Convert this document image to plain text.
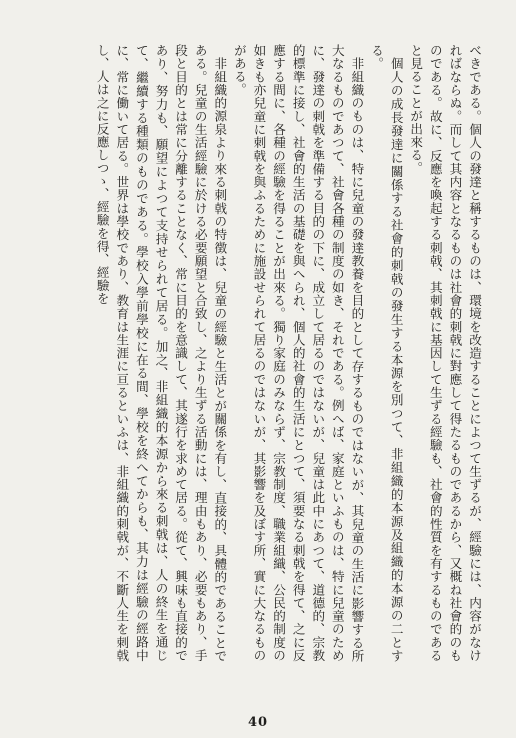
べきである。個人の發達と稱するものは、環境を改造することによつて生ずるが、經驗には、内容がなければならぬ。而して其内容となるものは社會的刺戟に對應して得たるものであるから、又概ね社會的のものである。故に、反應を喚起する刺戟、其刺戟に基因して生ずる經驗も、社會的性質を有するものであると見ることが出來る。

個人の成長發達に關係する社會的刺戟の發生する本源を別つて、非組織的本源及組織的本源の二とする。

非組織のものは、特に兒童の發達教養を目的として存するものではないが、其兒童の生活に影響する所大なるものであつて、社會各種の制度の如き、それである。例へば、家庭といふものは、特に兒童のために、發達の刺戟を準備する目的の下に、成立して居るのではないが、兒童は此中にあつて、道德的、宗教的標準に接し、社會的生活の基礎を與へられ、個人的社會的生活にとつて、須要なる刺戟を得て、之に反應する間に、各種の經驗を得ることが出來る。獨り家庭のみならず、宗教制度、職業組織、公民的制度の如きも亦兒童に刺戟を與ふるために施設せられて居るのではないが、其影響を及ぼす所、實に大なるものがある。

非組織的源泉より來る刺戟の特徴は、兒童の經驗と生活とが關係を有し、直接的、具體的であることである。兒童の生活經驗に於ける必要願望と合致し、之より生ずる活動には、理由もあり、必要もあり、手段と目的とは常に分離することなく、常に目的を意識して、其遂行を求めて居る。從て、興味も直接的であり、努力も、願望によつて支持せられて居る。加之、非組織的本源から來る刺戟は、人の終生を通じて、繼續する種類のものである。學校入學前學校に在る間、學校を終へてからも、其力は經驗の經路中に、常に働いて居る。世界は學校であり、教育は生涯に亘るといふは、非組織的刺戟が、不斷人生を刺戟し、人は之に反應しつゝ、經驗を得、經驗を

40
